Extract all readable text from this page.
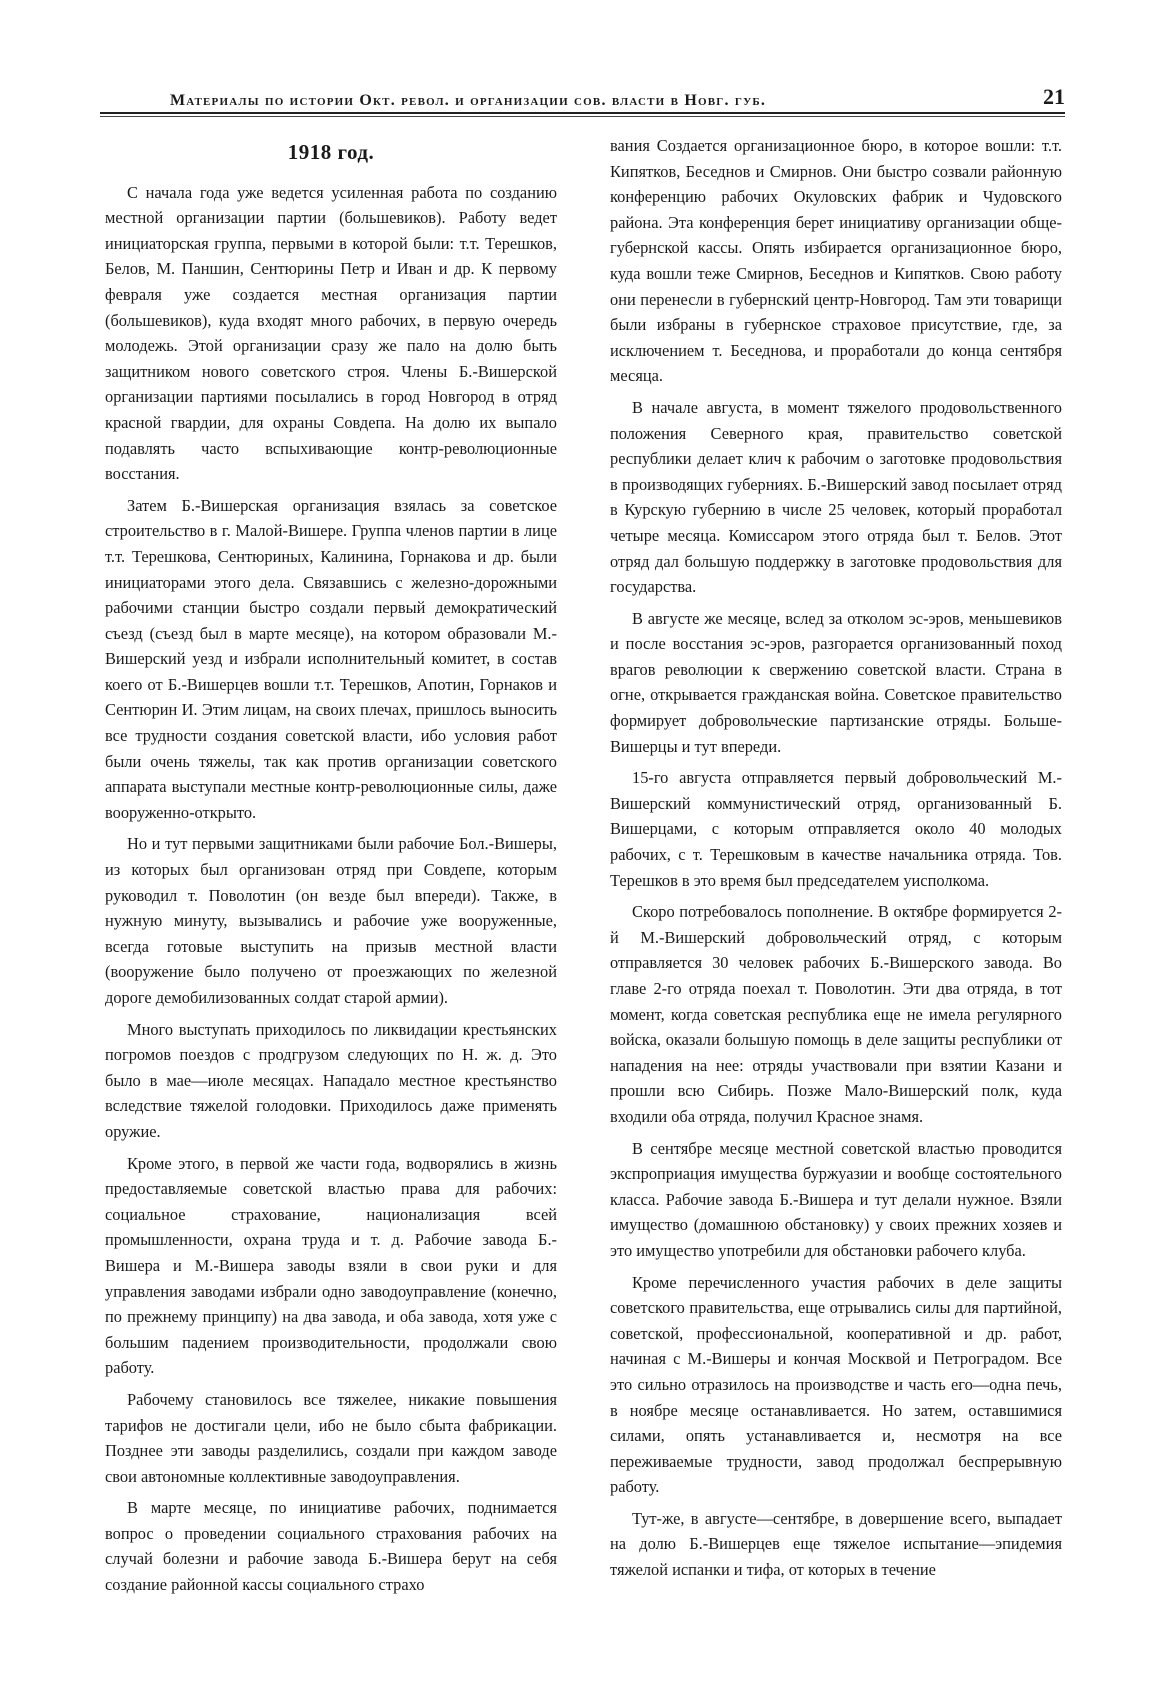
Материалы по истории Окт. револ. и организации сов. власти в Новг. губ.	21
1918 год.

С начала года уже ведется усиленная работа по созданию местной организации партии (большевиков). Работу ведет инициаторская группа, первыми в которой были: т.т. Терешков, Белов, М. Паншин, Сентюрины Петр и Иван и др. К первому февраля уже создается местная организация партии (большевиков), куда входят много рабочих, в первую очередь молодежь. Этой организации сразу же пало на долю быть защитником нового советского строя. Члены Б.-Вишерской организации партиями посылались в город Новгород в отряд красной гвардии, для охраны Совдепа. На долю их выпало подавлять часто вспыхивающие контр-революционные восстания.

Затем Б.-Вишерская организация взялась за советское строительство в г. Малой-Вишере. Группа членов партии в лице т.т. Терешкова, Сентюриных, Калинина, Горнакова и др. были инициаторами этого дела. Связавшись с железно-дорожными рабочими станции быстро создали первый демократический съезд (съезд был в марте месяце), на котором образовали М.-Вишерский уезд и избрали исполнительный комитет, в состав коего от Б.-Вишерцев вошли т.т. Терешков, Апотин, Горнаков и Сентюрин И. Этим лицам, на своих плечах, пришлось выносить все трудности создания советской власти, ибо условия работ были очень тяжелы, так как против организации советского аппарата выступали местные контр-революционные силы, даже вооруженно-открыто.

Но и тут первыми защитниками были рабочие Бол.-Вишеры, из которых был организован отряд при Совдепе, которым руководил т. Поволотин (он везде был впереди). Также, в нужную минуту, вызывались и рабочие уже вооруженные, всегда готовые выступить на призыв местной власти (вооружение было получено от проезжающих по железной дороге демобилизованных солдат старой армии).

Много выступать приходилось по ликвидации крестьянских погромов поездов с продгрузом следующих по Н. ж. д. Это было в мае—июле месяцах. Нападало местное крестьянство вследствие тяжелой голодовки. Приходилось даже применять оружие.

Кроме этого, в первой же части года, водворялись в жизнь предоставляемые советской властью права для рабочих: социальное страхование, национализация всей промышленности, охрана труда и т. д. Рабочие завода Б.-Вишера и М.-Вишера заводы взяли в свои руки и для управления заводами избрали одно заводоуправление (конечно, по прежнему принципу) на два завода, и оба завода, хотя уже с большим падением производительности, продолжали свою работу.

Рабочему становилось все тяжелее, никакие повышения тарифов не достигали цели, ибо не было сбыта фабрикации. Позднее эти заводы разделились, создали при каждом заводе свои автономные коллективные заводоуправления.

В марте месяце, по инициативе рабочих, поднимается вопрос о проведении социального страхования рабочих на случай болезни и рабочие завода Б.-Вишера берут на себя создание районной кассы социального страхо

вания Создается организационное бюро, в которое вошли: т.т. Кипятков, Беседнов и Смирнов. Они быстро созвали районную конференцию рабочих Окуловских фабрик и Чудовского района. Эта конференция берет инициативу организации обще-губернской кассы. Опять избирается организационное бюро, куда вошли теже Смирнов, Беседнов и Кипятков. Свою работу они перенесли в губернский центр-Новгород. Там эти товарищи были избраны в губернское страховое присутствие, где, за исключением т. Беседнова, и проработали до конца сентября месяца.

В начале августа, в момент тяжелого продовольственного положения Северного края, правительство советской республики делает клич к рабочим о заготовке продовольствия в производящих губерниях. Б.-Вишерский завод посылает отряд в Курскую губернию в числе 25 человек, который проработал четыре месяца. Комиссаром этого отряда был т. Белов. Этот отряд дал большую поддержку в заготовке продовольствия для государства.

В августе же месяце, вслед за отколом эс-эров, меньшевиков и после восстания эс-эров, разгорается организованный поход врагов революции к свержению советской власти. Страна в огне, открывается гражданская война. Советское правительство формирует добровольческие партизанские отряды. Больше-Вишерцы и тут впереди.

15-го августа отправляется первый добровольческий М.-Вишерский коммунистический отряд, организованный Б. Вишерцами, с которым отправляется около 40 молодых рабочих, с т. Терешковым в качестве начальника отряда. Тов. Терешков в это время был председателем уисполкома.

Скоро потребовалось пополнение. В октябре формируется 2-й М.-Вишерский добровольческий отряд, с которым отправляется 30 человек рабочих Б.-Вишерского завода. Во главе 2-го отряда поехал т. Поволотин. Эти два отряда, в тот момент, когда советская республика еще не имела регулярного войска, оказали большую помощь в деле защиты республики от нападения на нее: отряды участвовали при взятии Казани и прошли всю Сибирь. Позже Мало-Вишерский полк, куда входили оба отряда, получил Красное знамя.

В сентябре месяце местной советской властью проводится экспроприация имущества буржуазии и вообще состоятельного класса. Рабочие завода Б.-Вишера и тут делали нужное. Взяли имущество (домашнюю обстановку) у своих прежних хозяев и это имущество употребили для обстановки рабочего клуба.

Кроме перечисленного участия рабочих в деле защиты советского правительства, еще отрывались силы для партийной, советской, профессиональной, кооперативной и др. работ, начиная с М.-Вишеры и кончая Москвой и Петроградом. Все это сильно отразилось на производстве и часть его—одна печь, в ноябре месяце останавливается. Но затем, оставшимися силами, опять устанавливается и, несмотря на все переживаемые трудности, завод продолжал беспрерывную работу.

Тут-же, в августе—сентябре, в довершение всего, выпадает на долю Б.-Вишерцев еще тяжелое испытание—эпидемия тяжелой испанки и тифа, от которых в течение
